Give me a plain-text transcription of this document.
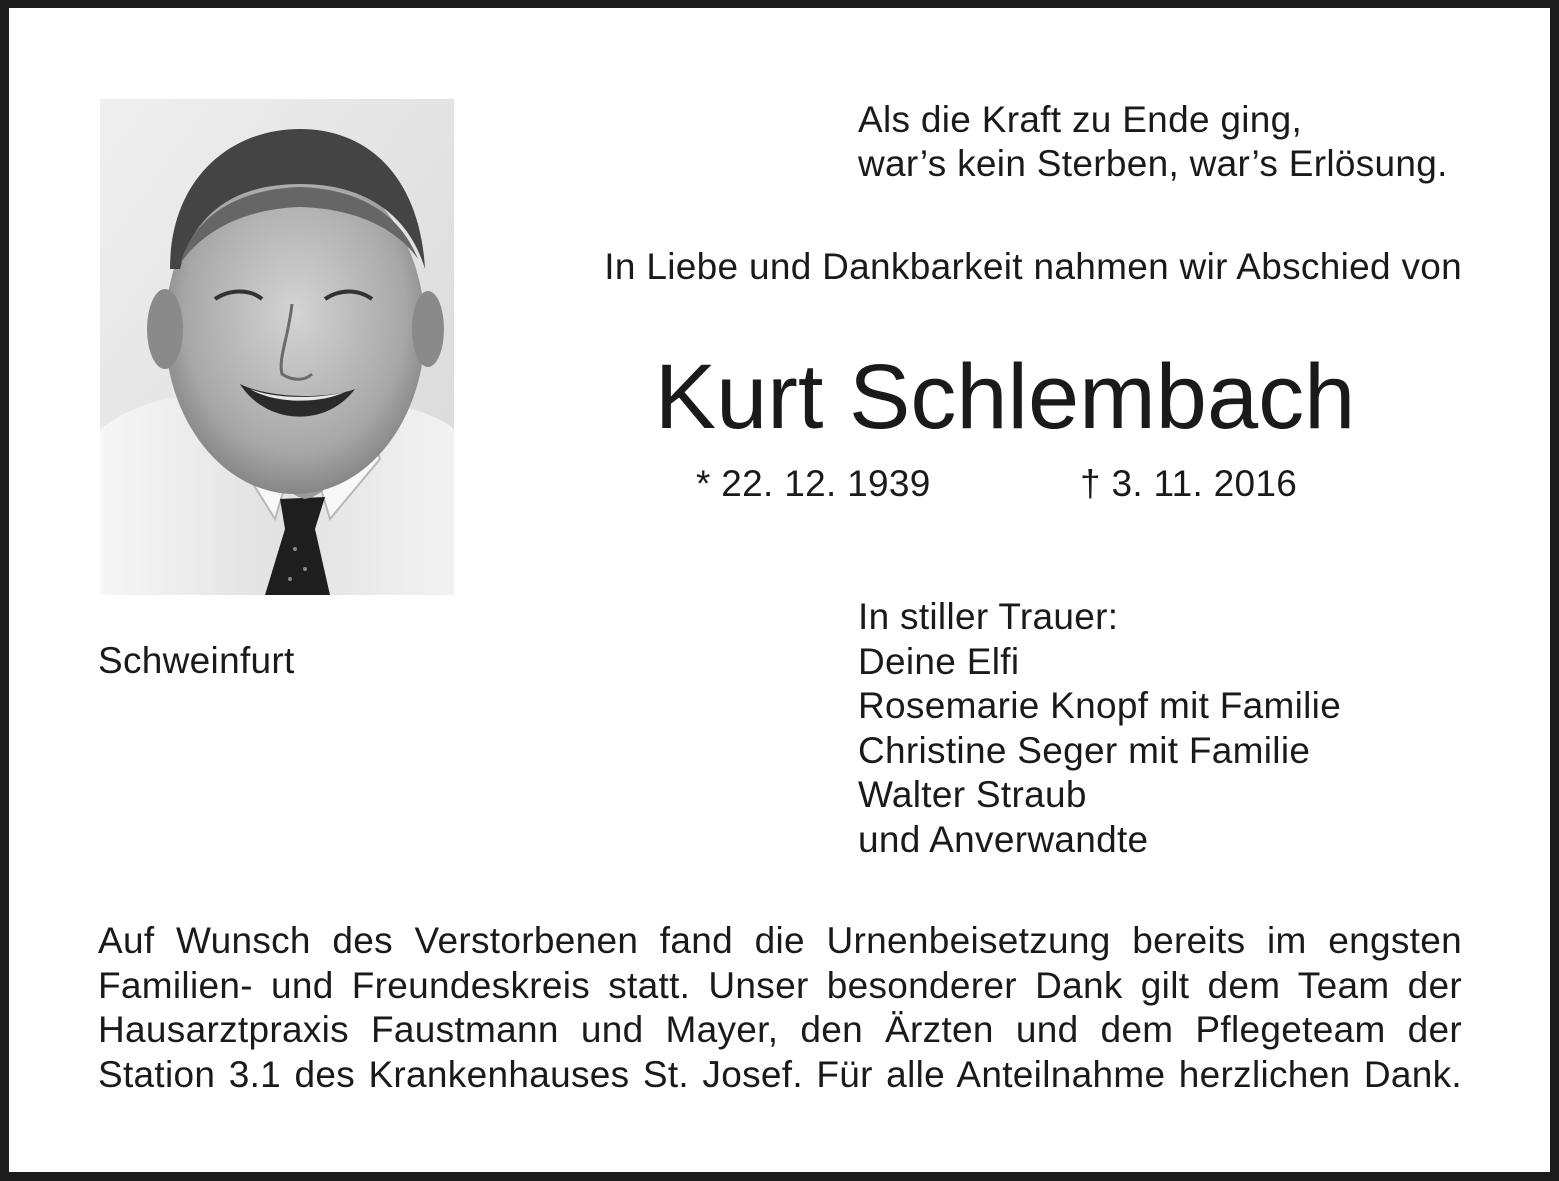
Als die Kraft zu Ende ging,
war’s kein Sterben, war’s Erlösung.
In Liebe und Dankbarkeit nahmen wir Abschied von
Kurt Schlembach
* 22. 12. 1939	† 3. 11. 2016
Schweinfurt
In stiller Trauer:
Deine Elfi
Rosemarie Knopf mit Familie
Christine Seger mit Familie
Walter Straub
und Anverwandte
Auf Wunsch des Verstorbenen fand die Urnenbeisetzung bereits im engsten
Familien- und Freundeskreis statt. Unser besonderer Dank gilt dem Team der
Hausarztpraxis Faustmann und Mayer, den Ärzten und dem Pflegeteam der
Station 3.1 des Krankenhauses St. Josef. Für alle Anteilnahme herzlichen Dank.
